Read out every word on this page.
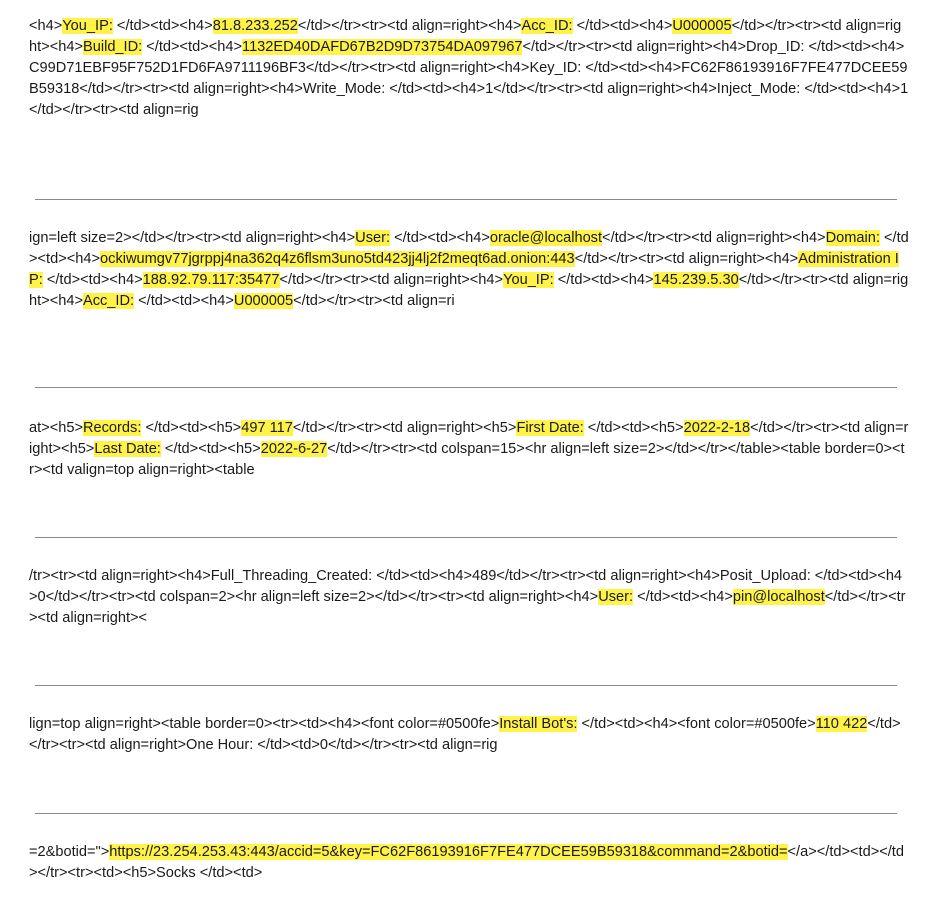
<h4>You_IP: </td><td><h4>81.8.233.252</td></tr><tr><td align=right><h4>Acc_ID: </td><td><h4>U000005</td></tr><tr><td align=right><h4>Build_ID: </td><td><h4>1132ED40DAFD67B2D9D73754DA097967</td></tr><tr><td align=right><h4>Drop_ID: </td><td><h4>C99D71EBF95F752D1FD6FA9711196BF3</td></tr><tr><td align=right><h4>Key_ID: </td><td><h4>FC62F86193916F7FE477DCEE59B59318</td></tr><tr><td align=right><h4>Write_Mode: </td><td><h4>1</td></tr><tr><td align=right><h4>Inject_Mode: </td><td><h4>1</td></tr><tr><td align=rig
ign=left size=2></td></tr><tr><td align=right><h4>User: </td><td><h4>oracle@localhost</td></tr><tr><td align=right><h4>Domain: </td><td><h4>ockiwumgv77jgrppj4na362q4z6flsm3uno5td423jj4lj2f2meqt6ad.onion:443</td></tr><tr><td align=right><h4>Administration IP: </td><td><h4>188.92.79.117:35477</td></tr><tr><td align=right><h4>You_IP: </td><td><h4>145.239.5.30</td></tr><tr><td align=right><h4>Acc_ID: </td><td><h4>U000005</td></tr><tr><td align=ri
at><h5>Records: </td><td><h5>497 117</td></tr><tr><td align=right><h5>First Date: </td><td><h5>2022-2-18</td></tr><tr><td align=right><h5>Last Date: </td><td><h5>2022-6-27</td></tr><tr><td colspan=15><hr align=left size=2></td></tr></table><table border=0><tr><td valign=top align=right><table
/tr><tr><td align=right><h4>Full_Threading_Created: </td><td><h4>489</td></tr><tr><td align=right><h4>Posit_Upload: </td><td><h4>0</td></tr><tr><td colspan=2><hr align=left size=2></td></tr><tr><td align=right><h4>User: </td><td><h4>pin@localhost</td></tr><tr><td align=right><
lign=top align=right><table border=0><tr><td><h4><font color=#0500fe>Install Bot's: </td><td><h4><font color=#0500fe>110 422</td></tr><tr><td align=right>One Hour: </td><td>0</td></tr><tr><td align=rig
=2&botid=">https://23.254.253.43:443/accid=5&key=FC62F86193916F7FE477DCEE59B59318&command=2&botid=</a></td><td></td></tr><tr><td><h5>Socks </td><td>
